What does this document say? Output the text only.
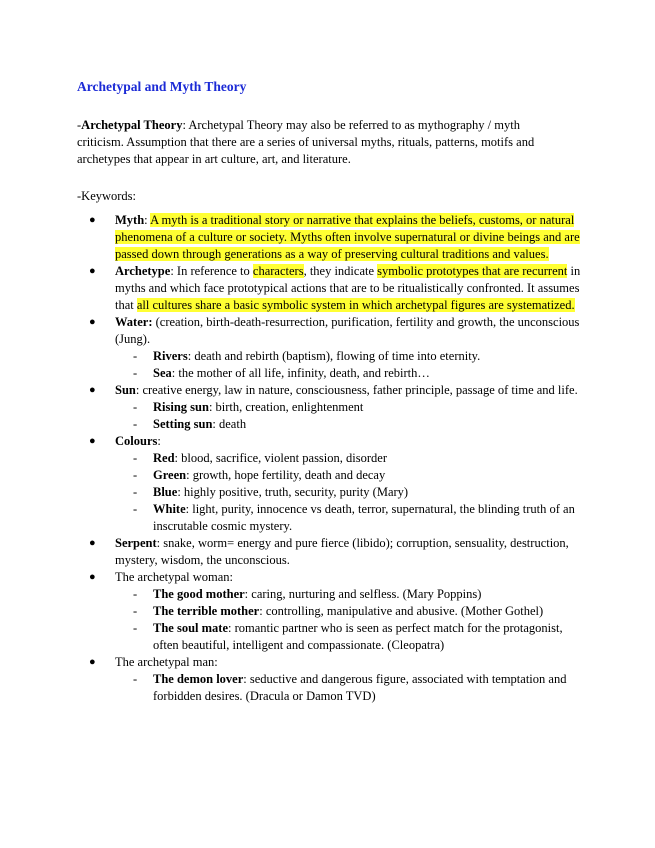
Archetypal and Myth Theory
-Archetypal Theory: Archetypal Theory may also be referred to as mythography / myth criticism. Assumption that there are a series of universal myths, rituals, patterns, motifs and archetypes that appear in art culture, art, and literature.
-Keywords:
● Myth: A myth is a traditional story or narrative that explains the beliefs, customs, or natural phenomena of a culture or society. Myths often involve supernatural or divine beings and are passed down through generations as a way of preserving cultural traditions and values.
● Archetype: In reference to characters, they indicate symbolic prototypes that are recurrent in myths and which face prototypical actions that are to be ritualistically confronted. It assumes that all cultures share a basic symbolic system in which archetypal figures are systematized.
● Water: (creation, birth-death-resurrection, purification, fertility and growth, the unconscious (Jung).
- Rivers: death and rebirth (baptism), flowing of time into eternity.
- Sea: the mother of all life, infinity, death, and rebirth…
● Sun: creative energy, law in nature, consciousness, father principle, passage of time and life.
- Rising sun: birth, creation, enlightenment
- Setting sun: death
● Colours:
- Red: blood, sacrifice, violent passion, disorder
- Green: growth, hope fertility, death and decay
- Blue: highly positive, truth, security, purity (Mary)
- White: light, purity, innocence vs death, terror, supernatural, the blinding truth of an inscrutable cosmic mystery.
● Serpent: snake, worm= energy and pure fierce (libido); corruption, sensuality, destruction, mystery, wisdom, the unconscious.
● The archetypal woman:
- The good mother: caring, nurturing and selfless. (Mary Poppins)
- The terrible mother: controlling, manipulative and abusive. (Mother Gothel)
- The soul mate: romantic partner who is seen as perfect match for the protagonist, often beautiful, intelligent and compassionate. (Cleopatra)
● The archetypal man:
- The demon lover: seductive and dangerous figure, associated with temptation and forbidden desires. (Dracula or Damon TVD)
